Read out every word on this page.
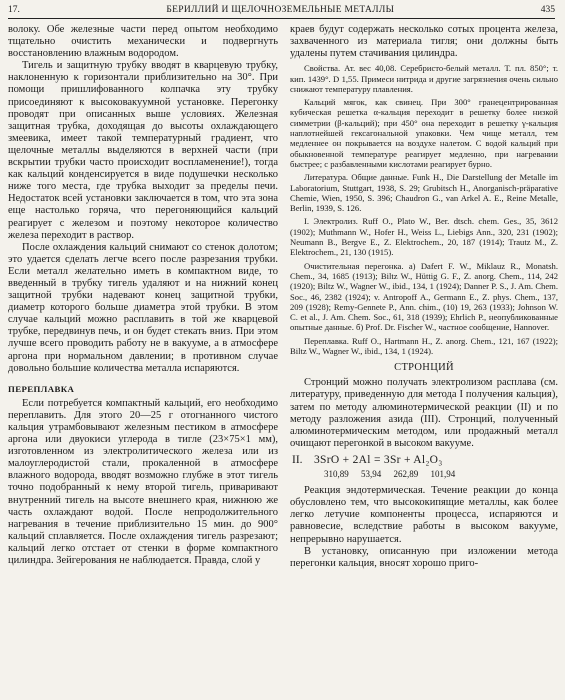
17.	БЕРИЛЛИЙ И ЩЕЛОЧНОЗЕМЕЛЬНЫЕ МЕТАЛЛЫ	435

волоку. Обе железные части перед опытом необходимо тщательно очистить механически и подвергнуть восстановлению влажным водородом.

Тигель и защитную трубку вводят в кварцевую трубку, наклоненную к горизонтали приблизительно на 30°. При помощи пришлифованного колпачка эту трубку присоединяют к высоковакуумной установке. Перегонку проводят при описанных выше условиях. Железная защитная трубка, доходящая до высоты охлаждающего змеевика, имеет такой температурный градиент, что щелочные металлы выделяются в верхней части (при вскрытии трубки часто происходит воспламенение!), тогда как кальций конденсируется в виде подушечки несколько ниже того места, где трубка выходит за пределы печи. Недостаток всей установки заключается в том, что эта зона еще настолько горяча, что перегоняющийся кальций реагирует с железом и поэтому некоторое количество железа переходит в раствор.

После охлаждения кальций снимают со стенок долотом; это удается сделать легче всего после разрезания трубки. Если металл желательно иметь в компактном виде, то введенный в трубку тигель удаляют и на нижний конец защитной трубки надевают конец защитной трубки, диаметр которого больше диаметра этой трубки. В этом случае кальций можно расплавить в той же кварцевой трубке, передвинув печь, и он будет стекать вниз. При этом лучше всего проводить работу не в вакууме, а в атмосфере аргона при нормальном давлении; в противном случае довольно большие количества металла испаряются.

ПЕРЕПЛАВКА

Если потребуется компактный кальций, его необходимо переплавить. Для этого 20—25 г отогнанного чистого кальция утрамбовывают железным пестиком в атмосфере аргона или двуокиси углерода в тигле (23×75×1 мм), изготовленном из электролитического железа или из малоуглеродистой стали, прокаленной в атмосфере влажного водорода, вводят возможно глубже в этот тигель точно подобранный к нему второй тигель, приваривают внутренний тигель на высоте внешнего края, нижнюю же часть охлаждают водой. После непродолжительного нагревания в течение приблизительно 15 мин. до 900° кальций сплавляется. После охлаждения тигель разрезают; кальций легко отстает от стенки в форме компактного цилиндра. Зейгерования не наблюдается. Правда, слой у

краев будут содержать несколько сотых процента железа, захваченного из материала тигля; они должны быть удалены путем стачивания цилиндра.

Свойства. Ат. вес 40,08. Серебристо-белый металл. Т. пл. 850°; т. кип. 1439°. D 1,55. Примеси нитрида и другие загрязнения очень сильно снижают температуру плавления.

Кальций мягок, как свинец. При 300° гранецентрированная кубическая решетка α-кальция переходит в решетку более низкой симметрии (β-кальций); при 450° она переходит в решетку γ-кальция наплотнейшей гексагональной упаковки. Чем чище металл, тем медленнее он покрывается на воздухе налетом. С водой кальций при обыкновенной температуре реагирует медленно, при нагревании быстрее; с разбавленными кислотами реагирует бурно.

Литература. Общие данные. Funk H., Die Darstellung der Metalle im Laboratorium, Stuttgart, 1938, S. 29; Grubitsch H., Anorganisch-präparative Chemie, Wien, 1950, S. 396; Chaudron G., van Arkel A. E., Reine Metalle, Berlin, 1939, S. 126.

I. Электролиз. Ruff O., Plato W., Ber. dtsch. chem. Ges., 35, 3612 (1902); Muthmann W., Hofer H., Weiss L., Liebigs Ann., 320, 231 (1902); Neumann B., Bergve E., Z. Elektrochem., 20, 187 (1914); Trautz M., Z. Elektrochem., 21, 130 (1915).

Очистительная перегонка. а) Dafert F. W., Miklauz R., Monatsh. Chem., 34, 1685 (1913); Biltz W., Hüttig G. F., Z. anorg. Chem., 114, 242 (1920); Biltz W., Wagner W., ibid., 134, 1 (1924); Danner P. S., J. Am. Chem. Soc., 46, 2382 (1924); v. Antropoff A., Germann E., Z. phys. Chem., 137, 209 (1928); Remy-Gennete P., Ann. chim., (10) 19, 263 (1933); Johnson W. C. et al., J. Am. Chem. Soc., 61, 318 (1939); Ehrlich P., неопубликованные опытные данные. б) Prof. Dr. Fischer W., частное сообщение, Hannover.

Переплавка. Ruff O., Hartmann H., Z. anorg. Chem., 121, 167 (1922); Biltz W., Wagner W., ibid., 134, 1 (1924).

СТРОНЦИЙ

Стронций можно получать электролизом расплава (см. литературу, приведенную для метода I получения кальция), затем по методу алюминотермической реакции (II) и по методу разложения азида (III). Стронций, полученный алюминотермическим методом, или продажный металл очищают перегонкой в высоком вакууме.

II. 3SrO + 2Al = 3Sr + Al₂O₃
310,89 53,94 262,89 101,94

Реакция эндотермическая. Течение реакции до конца обусловлено тем, что высококипящие металлы, как более легко летучие компоненты процесса, испаряются и равновесие, вследствие работы в высоком вакууме, непрерывно нарушается.

В установку, описанную при изложении метода перегонки кальция, вносят хорошо приго-
